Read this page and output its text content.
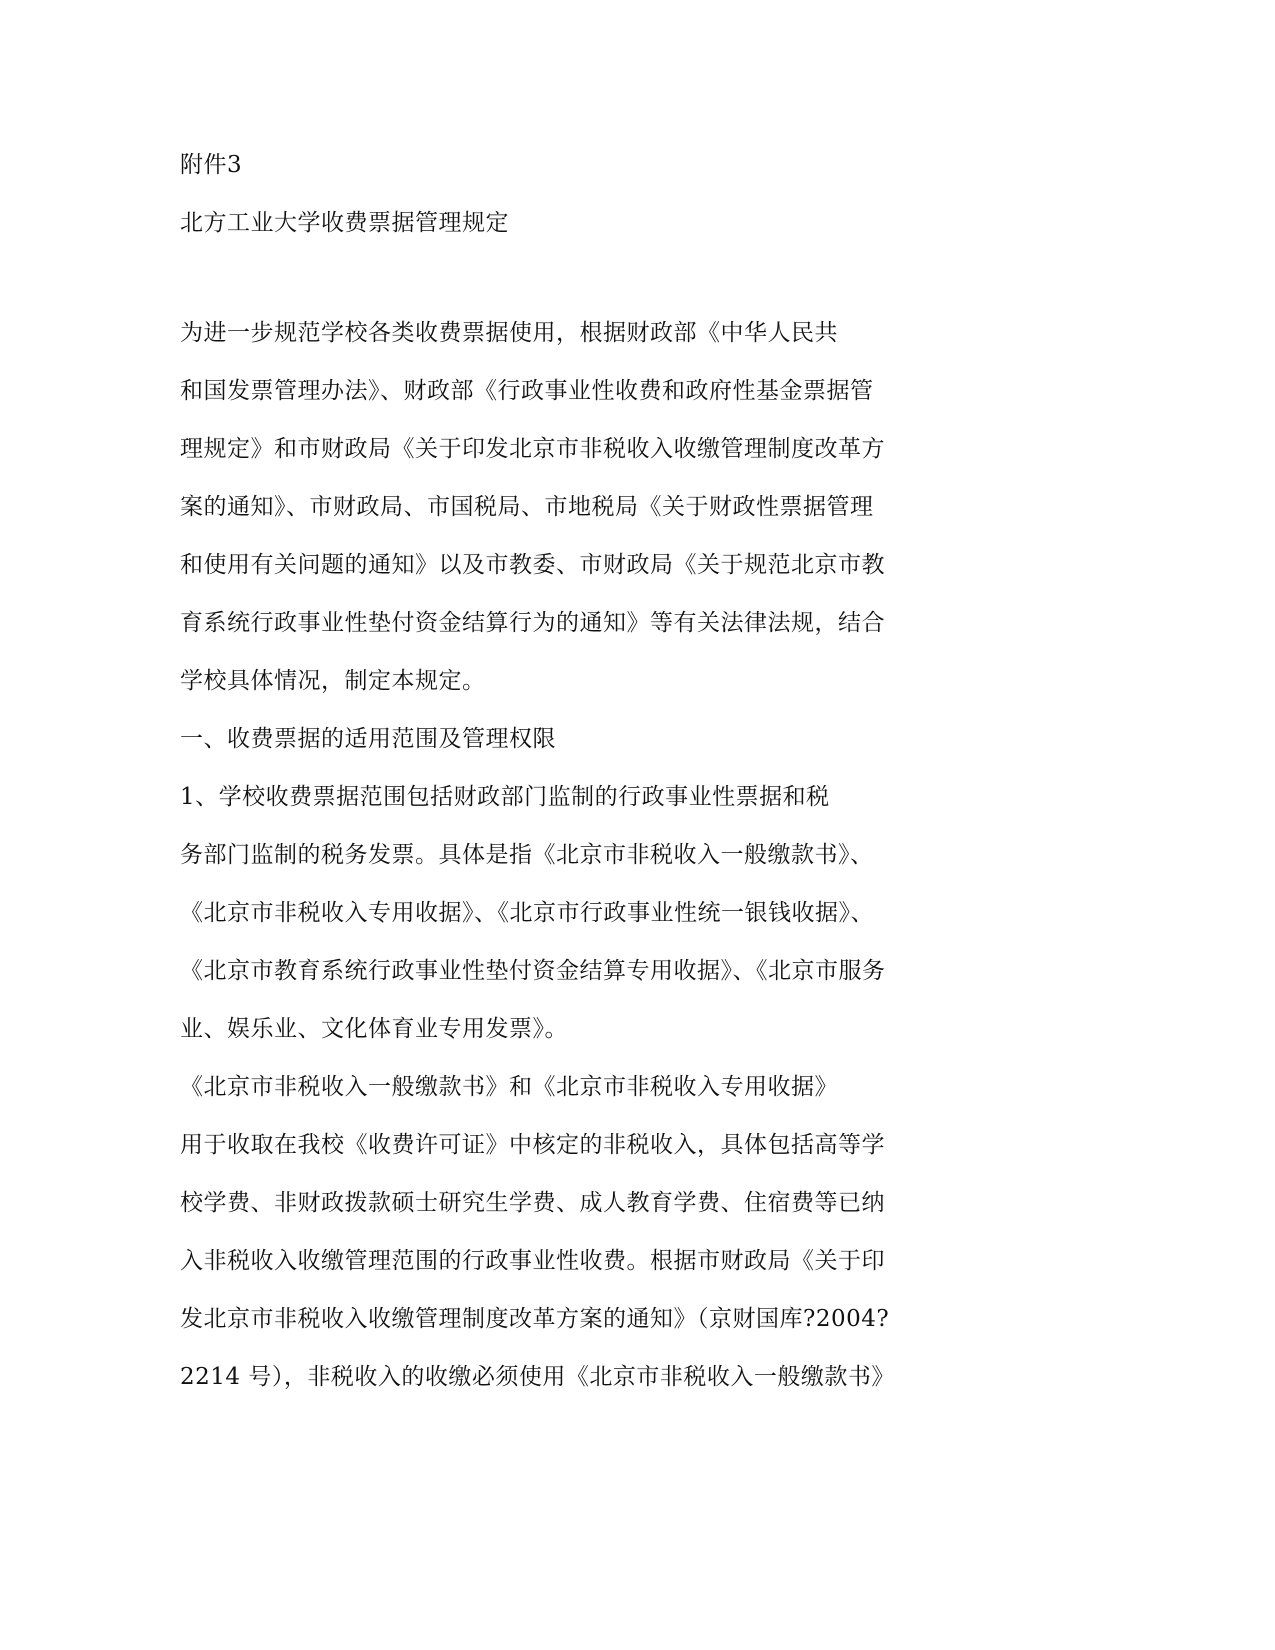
附件3
北方工业大学收费票据管理规定
为进一步规范学校各类收费票据使用，根据财政部《中华人民共
和国发票管理办法》、财政部《行政事业性收费和政府性基金票据管
理规定》和市财政局《关于印发北京市非税收入收缴管理制度改革方
案的通知》、市财政局、市国税局、市地税局《关于财政性票据管理
和使用有关问题的通知》以及市教委、市财政局《关于规范北京市教
育系统行政事业性垫付资金结算行为的通知》等有关法律法规，结合
学校具体情况，制定本规定。
一、收费票据的适用范围及管理权限
1、学校收费票据范围包括财政部门监制的行政事业性票据和税
务部门监制的税务发票。具体是指《北京市非税收入一般缴款书》、
《北京市非税收入专用收据》、《北京市行政事业性统一银钱收据》、
《北京市教育系统行政事业性垫付资金结算专用收据》、《北京市服务
业、娱乐业、文化体育业专用发票》。
《北京市非税收入一般缴款书》和《北京市非税收入专用收据》
用于收取在我校《收费许可证》中核定的非税收入，具体包括高等学
校学费、非财政拨款硕士研究生学费、成人教育学费、住宿费等已纳
入非税收入收缴管理范围的行政事业性收费。根据市财政局《关于印
发北京市非税收入收缴管理制度改革方案的通知》（京财国库?2004?
2214 号），非税收入的收缴必须使用《北京市非税收入一般缴款书》
